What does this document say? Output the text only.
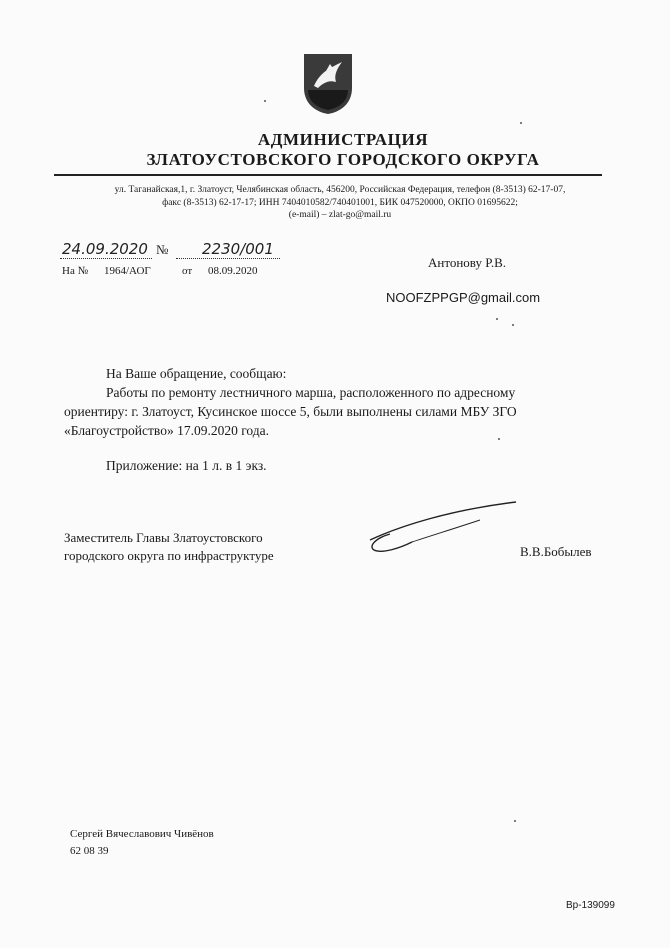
АДМИНИСТРАЦИЯ
ЗЛАТОУСТОВСКОГО ГОРОДСКОГО ОКРУГА
ул. Таганайская,1, г. Златоуст, Челябинская область, 456200, Российская Федерация, телефон (8-3513) 62-17-07,
факс (8-3513) 62-17-17; ИНН 7404010582/740401001, БИК 047520000, ОКПО 01695622;
(e-mail) – zlat-go@mail.ru
24.09.2020 № 2230/001
На № 1964/АОГ	от 08.09.2020
Антонову Р.В.
NOOFZPPGP@gmail.com
На Ваше обращение, сообщаю:
Работы по ремонту лестничного марша, расположенного по адресному
ориентиру: г. Златоуст, Кусинское шоссе 5, были выполнены силами МБУ ЗГО
«Благоустройство» 17.09.2020 года.
Приложение: на 1 л. в 1 экз.
Заместитель Главы Златоустовского
городского округа по инфраструктуре	В.В.Бобылев
Сергей Вячеславович Чивёнов
62 08 39
Вр-139099
